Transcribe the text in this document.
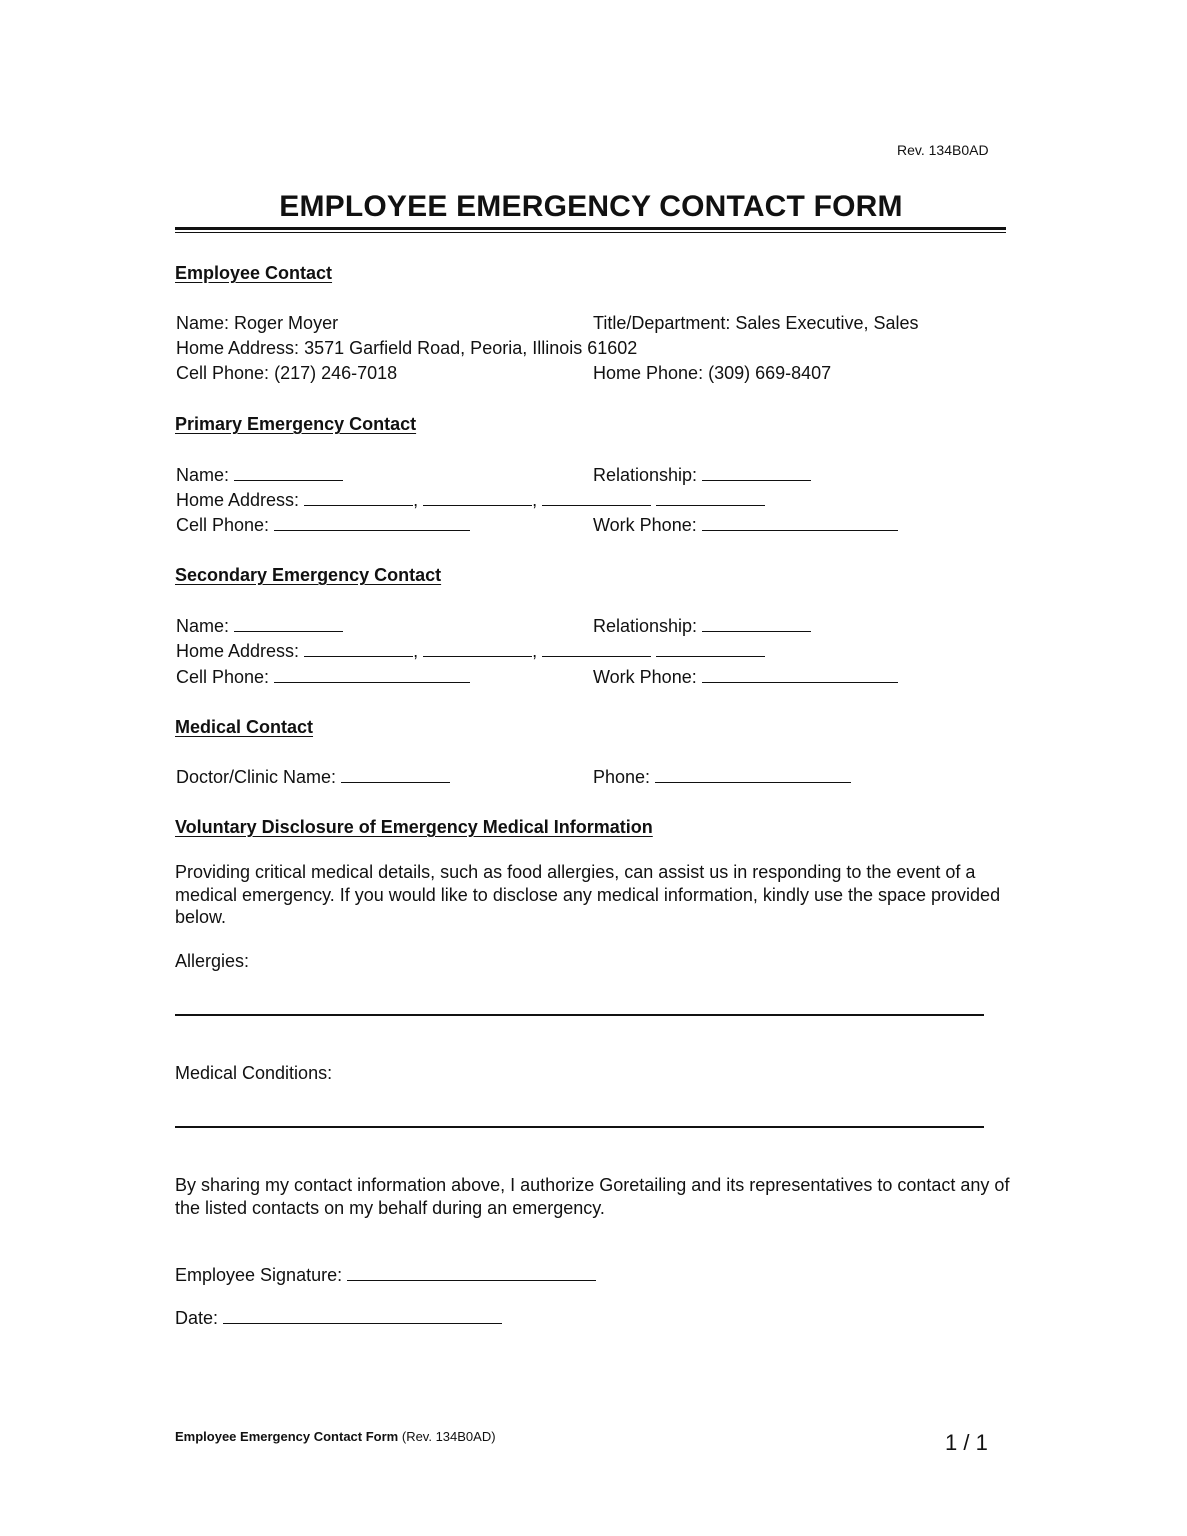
Rev. 134B0AD
EMPLOYEE EMERGENCY CONTACT FORM
Employee Contact
Name: Roger Moyer	Title/Department: Sales Executive, Sales
Home Address: 3571 Garfield Road, Peoria, Illinois 61602
Cell Phone: (217) 246-7018	Home Phone: (309) 669-8407
Primary Emergency Contact
Name:	Relationship:
Home Address:	,	,
Cell Phone:	Work Phone:
Secondary Emergency Contact
Name:	Relationship:
Home Address:	,	,
Cell Phone:	Work Phone:
Medical Contact
Doctor/Clinic Name:	Phone:
Voluntary Disclosure of Emergency Medical Information
Providing critical medical details, such as food allergies, can assist us in responding to the event of a medical emergency. If you would like to disclose any medical information, kindly use the space provided below.
Allergies:
Medical Conditions:
By sharing my contact information above, I authorize Goretailing and its representatives to contact any of the listed contacts on my behalf during an emergency.
Employee Signature:
Date:
Employee Emergency Contact Form (Rev. 134B0AD)	1 / 1
